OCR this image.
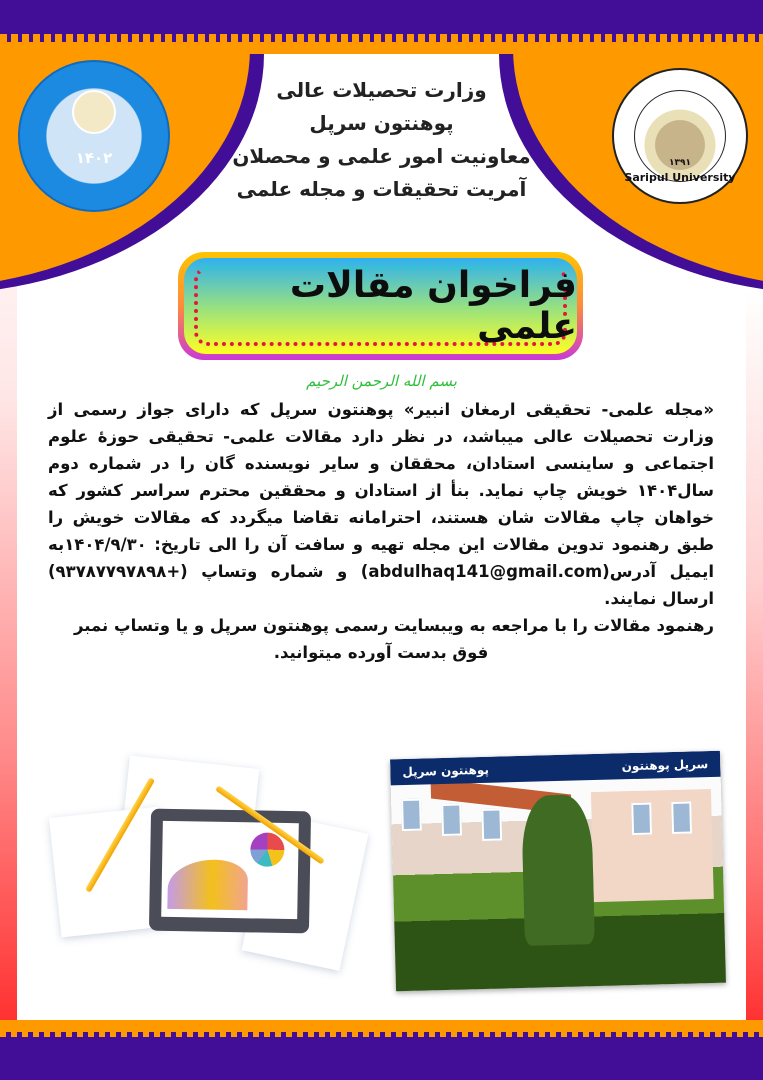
۱۴۰۲	۱۳۹۱
Saripul University
وزارت تحصیلات عالی
پوهنتون سرپل
معاونیت امور علمی و محصلان
آمریت تحقیقات و مجله علمی
فراخوان مقالات علمی
بسم الله الرحمن الرحیم

«مجله علمی- تحقیقی ارمغان انبیر» پوهنتون سرپل که دارای جواز رسمی از وزارت تحصیلات عالی میباشد، در نظر دارد مقالات علمی- تحقیقی حوزهٔ علوم اجتماعی و ساینسی استادان، محققان و سایر نویسنده گان را در شماره دوم سال۱۴۰۴ خویش چاپ نماید. بنأ از استادان و محققین محترم سراسر کشور که خواهان چاپ مقالات شان هستند، احترامانه تقاضا میگردد که مقالات خویش را طبق رهنمود تدوین مقالات این مجله تهیه و سافت آن را الی تاریخ: ۱۴۰۴/۹/۳۰به ایمیل آدرس(abdulhaq141@gmail.com) و شماره وتساپ (+۹۳۷۸۷۷۹۷۸۹۸) ارسال نمایند.

رهنمود مقالات را با مراجعه به ویبسایت رسمی پوهنتون سرپل و یا وتساپ نمبر

فوق بدست آورده میتوانید.

سرپل پوهنتون
پوهنتون سرپل
